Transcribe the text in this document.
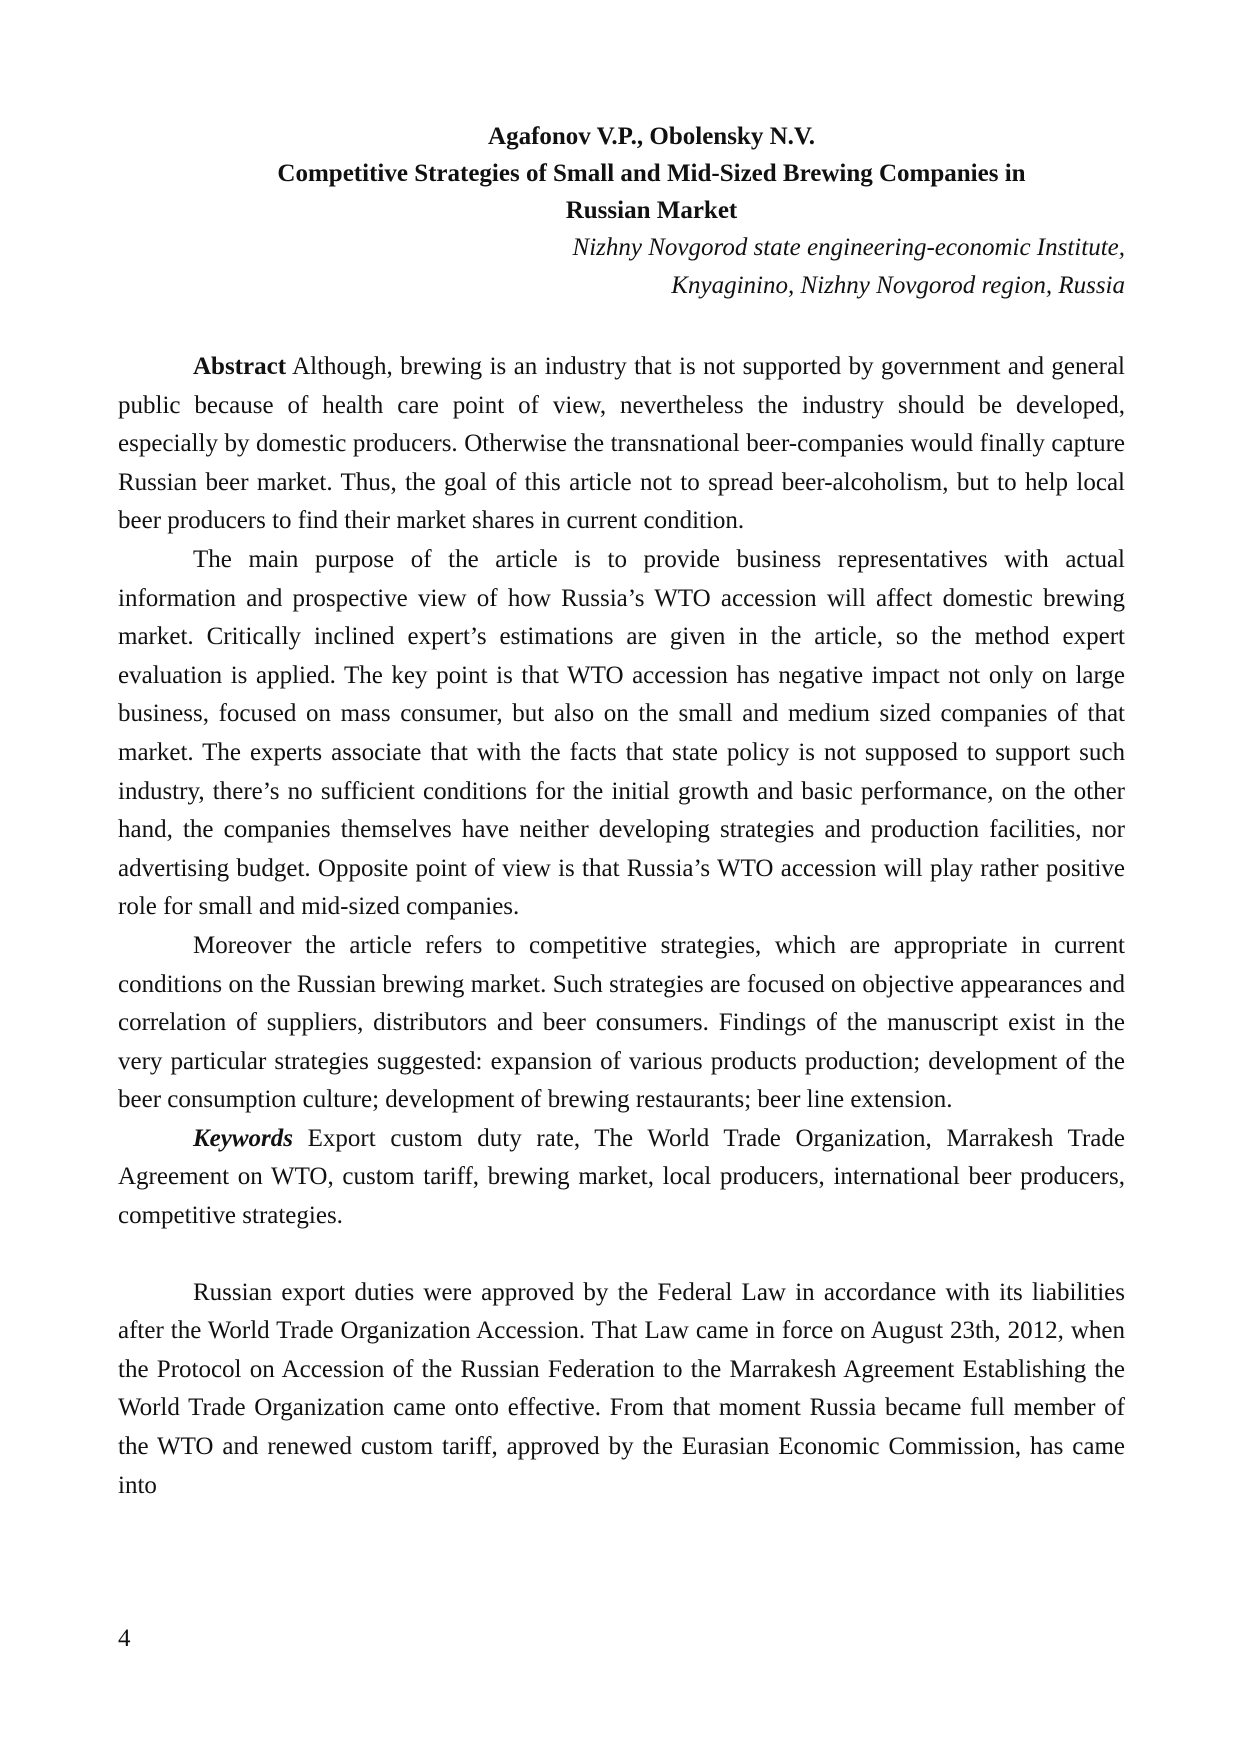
Agafonov V.P., Obolensky N.V.

Competitive Strategies of Small and Mid-Sized Brewing Companies in

Russian Market

Nizhny Novgorod state engineering-economic Institute,

Knyaginino, Nizhny Novgorod region, Russia

Abstract Although, brewing is an industry that is not supported by government and general public because of health care point of view, nevertheless the industry should be developed, especially by domestic producers. Otherwise the transnational beer-companies would finally capture Russian beer market. Thus, the goal of this article not to spread beer-alcoholism, but to help local beer producers to find their market shares in current condition.

The main purpose of the article is to provide business representatives with actual information and prospective view of how Russia’s WTO accession will affect domestic brewing market. Critically inclined expert’s estimations are given in the article, so the method expert evaluation is applied. The key point is that WTO accession has negative impact not only on large business, focused on mass consumer, but also on the small and medium sized companies of that market. The experts associate that with the facts that state policy is not supposed to support such industry, there’s no sufficient conditions for the initial growth and basic performance, on the other hand, the companies themselves have neither developing strategies and production facilities, nor advertising budget. Opposite point of view is that Russia’s WTO accession will play rather positive role for small and mid-sized companies.

Moreover the article refers to competitive strategies, which are appropriate in current conditions on the Russian brewing market. Such strategies are focused on objective appearances and correlation of suppliers, distributors and beer consumers. Findings of the manuscript exist in the very particular strategies suggested: expansion of various products production; development of the beer consumption culture; development of brewing restaurants; beer line extension.

Keywords Export custom duty rate, The World Trade Organization, Marrakesh Trade Agreement on WTO, custom tariff, brewing market, local producers, international beer producers, competitive strategies.

Russian export duties were approved by the Federal Law in accordance with its liabilities after the World Trade Organization Accession. That Law came in force on August 23th, 2012, when the Protocol on Accession of the Russian Federation to the Marrakesh Agreement Establishing the World Trade Organization came onto effective. From that moment Russia became full member of the WTO and renewed custom tariff, approved by the Eurasian Economic Commission, has came into

4
